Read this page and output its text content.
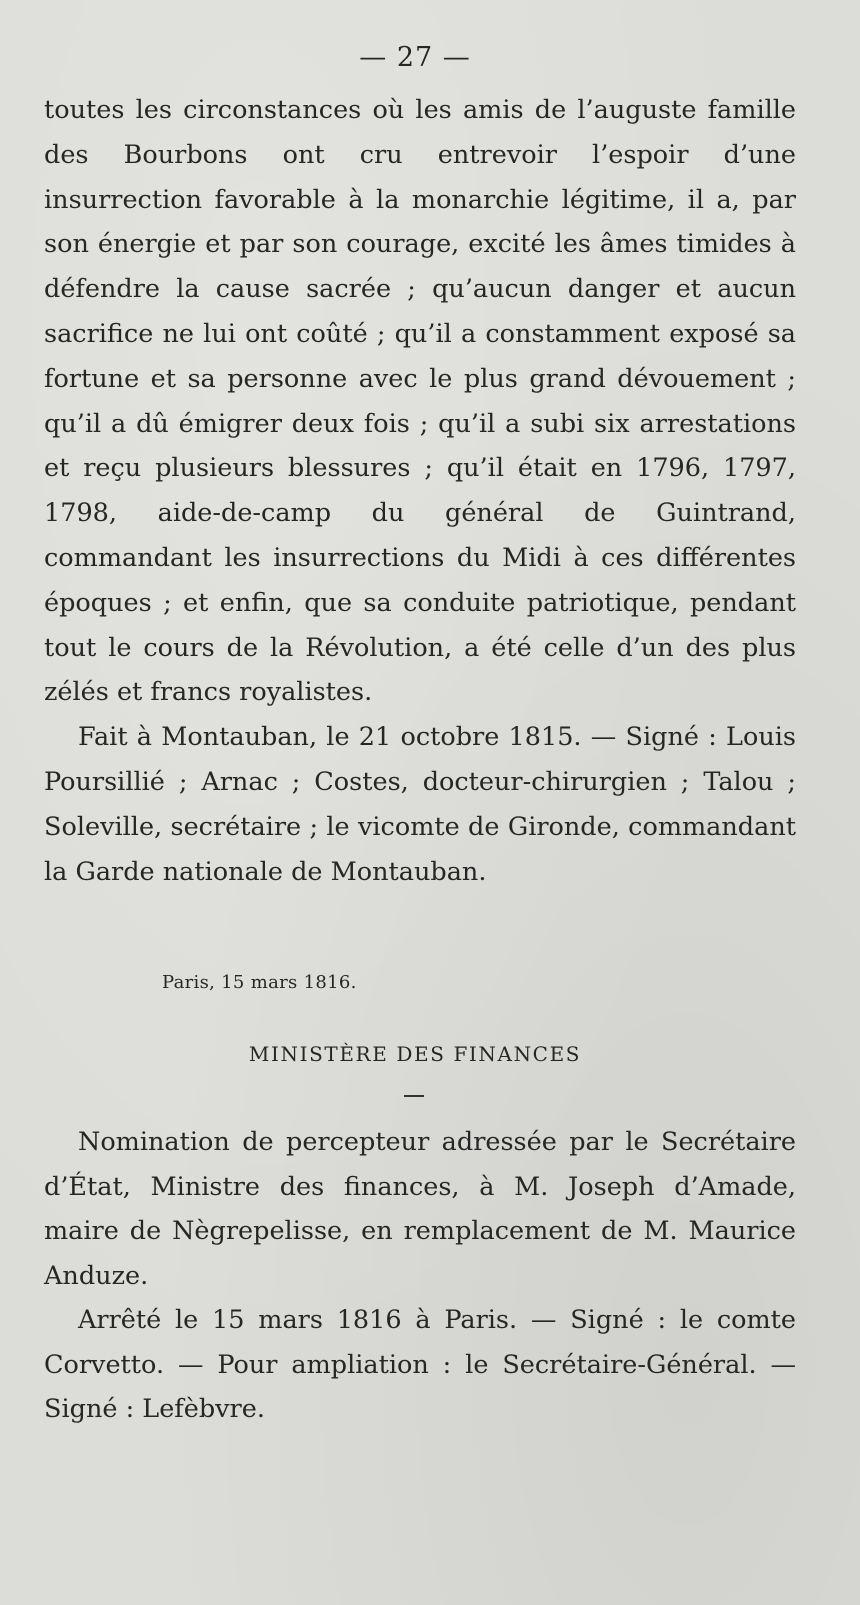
— 27 —

toutes les circonstances où les amis de l’auguste famille des Bourbons ont cru entrevoir l’espoir d’une insurrection favorable à la monarchie légitime, il a, par son énergie et par son courage, excité les âmes timides à défendre la cause sacrée ; qu’aucun danger et aucun sacrifice ne lui ont coûté ; qu’il a constamment exposé sa fortune et sa personne avec le plus grand dévouement ; qu’il a dû émigrer deux fois ; qu’il a subi six arrestations et reçu plusieurs blessures ; qu’il était en 1796, 1797, 1798, aide-de-camp du général de Guintrand, commandant les insurrections du Midi à ces différentes époques ; et enfin, que sa conduite patriotique, pendant tout le cours de la Révolution, a été celle d’un des plus zélés et francs royalistes.

Fait à Montauban, le 21 octobre 1815. — Signé : Louis Poursillié ; Arnac ; Costes, docteur-chirurgien ; Talou ; Soleville, secrétaire ; le vicomte de Gironde, commandant la Garde nationale de Montauban.

Paris, 15 mars 1816.
MINISTÈRE DES FINANCES

Nomination de percepteur adressée par le Secrétaire d’État, Ministre des finances, à M. Joseph d’Amade, maire de Nègrepelisse, en remplacement de M. Maurice Anduze.

Arrêté le 15 mars 1816 à Paris. — Signé : le comte Corvetto. — Pour ampliation : le Secrétaire-Général. — Signé : Lefèbvre.
